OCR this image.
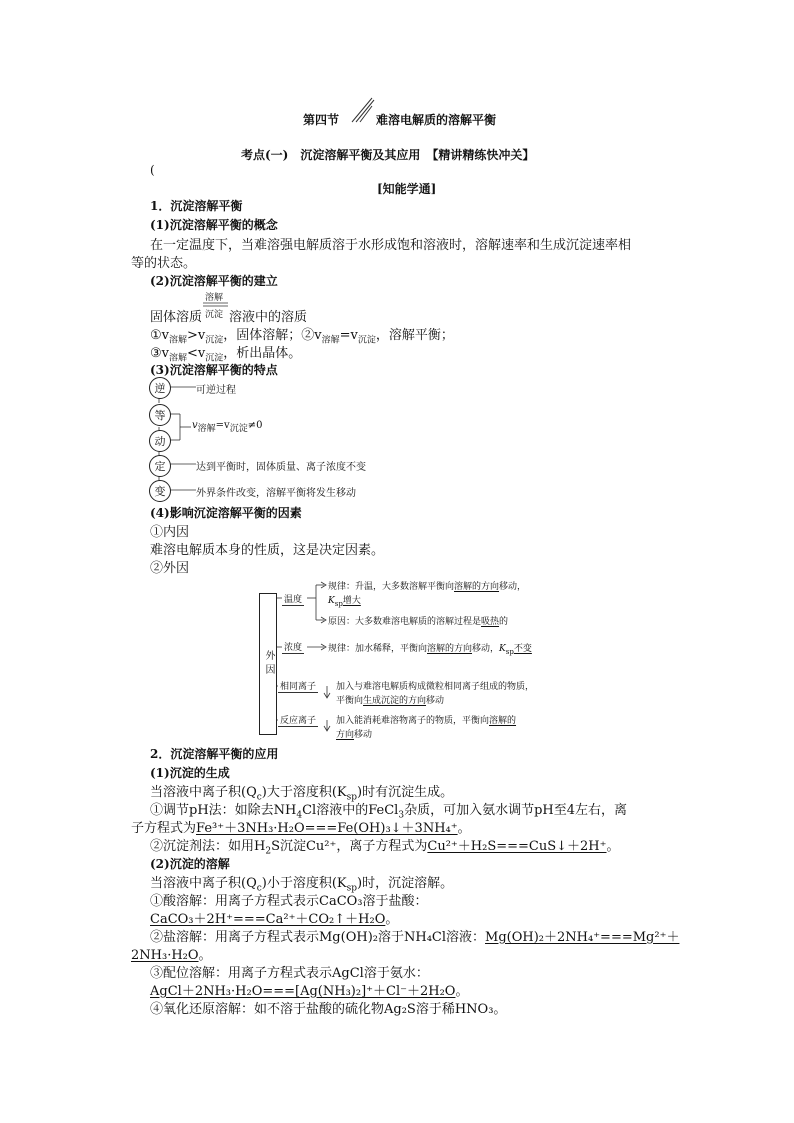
第四节	难溶电解质的溶解平衡
考点(一)　沉淀溶解平衡及其应用　【精讲精练快冲关】
(
[知能学通]
1．沉淀溶解平衡
(1)沉淀溶解平衡的概念
在一定温度下，当难溶强电解质溶于水形成饱和溶液时，溶解速率和生成沉淀速率相
等的状态。
(2)沉淀溶解平衡的建立
固体溶质
溶解
沉淀 溶液中的溶质
$①v_{溶解}>v_{沉淀}$，固体溶解；$②v_{溶解}=v_{沉淀}$，溶解平衡；
$③v_{溶解}<v_{沉淀}$，析出晶体。
(3)沉淀溶解平衡的特点
逆
等
动
定
变
可逆过程
$v_{溶解}=v_{沉淀}\ne 0$
达到平衡时，固体质量、离子浓度不变
外界条件改变，溶解平衡将发生移动
(4)影响沉淀溶解平衡的因素
①内因
难溶电解质本身的性质，这是决定因素。
②外因
外因
温度
规律：升温，大多数溶解平衡向溶解的方向移动，
$K_{sp}$增大
原因：大多数难溶电解质的溶解过程是吸热的
浓度	规律：加水稀释，平衡向溶解的方向移动，$K_{sp}$不变
相同离子 加入与难溶电解质构成微粒相同离子组成的物质，
平衡向生成沉淀的方向移动
反应离子 加入能消耗难溶物离子的物质，平衡向溶解的
方向移动
2．沉淀溶解平衡的应用
(1)沉淀的生成
当溶液中离子积$(Q_c)$大于溶度积$(K_{sp})$时有沉淀生成。
①调节pH法：如除去$NH_4Cl$溶液中的FeCl$_3$杂质，可加入氨水调节pH至4左右，离
子方程式为Fe³⁺＋3NH₃·H₂O===Fe(OH)₃↓＋3NH₄⁺。
②沉淀剂法：如用$H_2S$沉淀Cu²⁺，离子方程式为Cu²⁺＋H₂S===CuS↓＋2H⁺。
(2)沉淀的溶解
当溶液中离子积$(Q_c)$小于溶度积$(K_{sp})$时，沉淀溶解。
①酸溶解：用离子方程式表示CaCO₃溶于盐酸：
CaCO₃＋2H⁺===Ca²⁺＋CO₂↑＋H₂O。
②盐溶解：用离子方程式表示Mg(OH)₂溶于NH₄Cl溶液：Mg(OH)₂＋2NH₄⁺===Mg²⁺＋
2NH₃·H₂O。
③配位溶解：用离子方程式表示AgCl溶于氨水：
AgCl＋2NH₃·H₂O===[Ag(NH₃)₂]⁺＋Cl⁻＋2H₂O。
④氧化还原溶解：如不溶于盐酸的硫化物Ag₂S溶于稀HNO₃。
